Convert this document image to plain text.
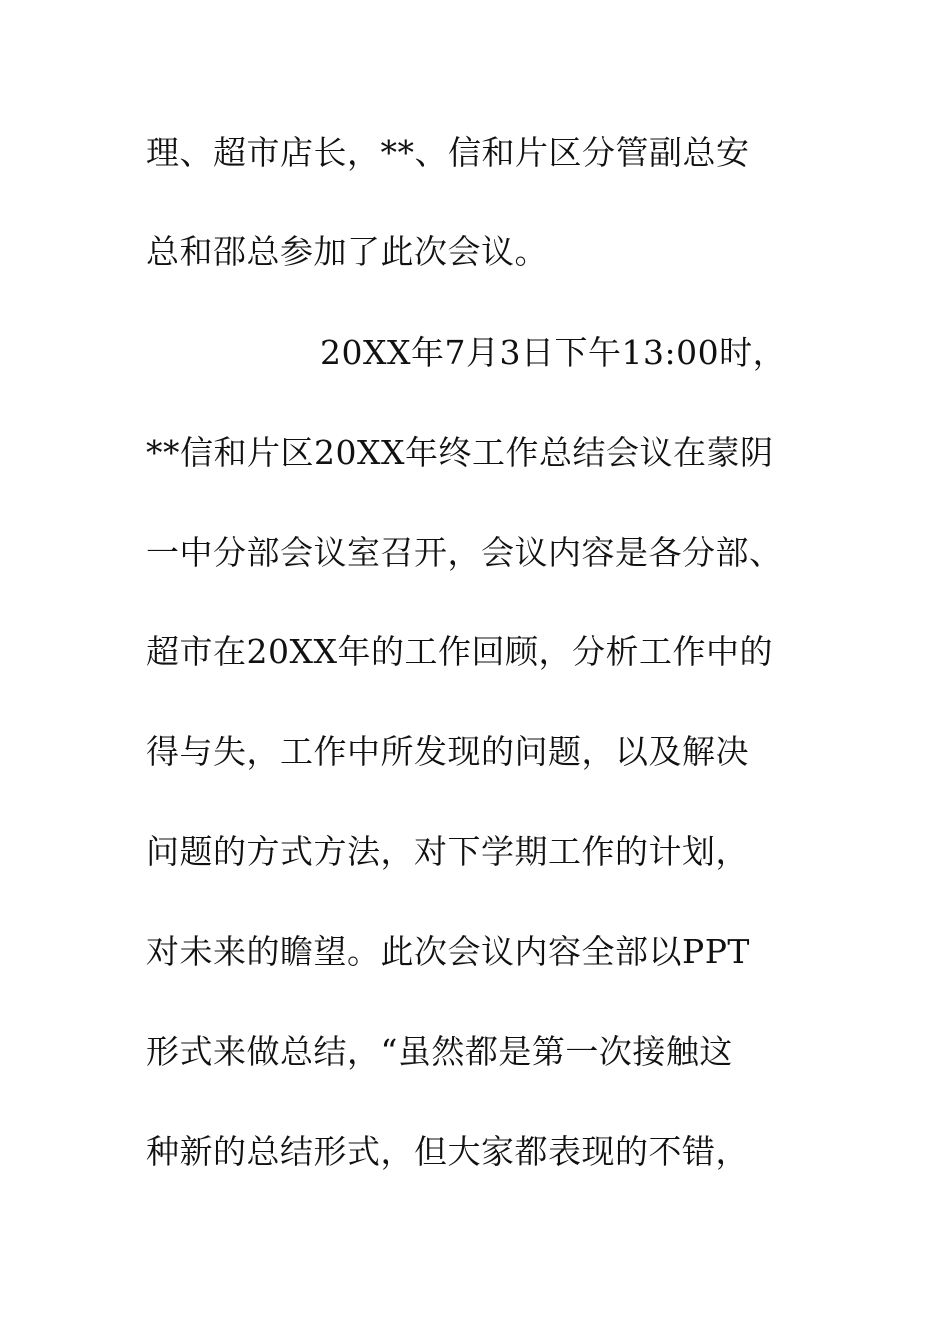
理、超市店长，**、信和片区分管副总安
总和邵总参加了此次会议。
20XX年7月3日下午13:00时，
**信和片区20XX年终工作总结会议在蒙阴
一中分部会议室召开，会议内容是各分部、
超市在20XX年的工作回顾，分析工作中的
得与失，工作中所发现的问题，以及解决
问题的方式方法，对下学期工作的计划，
对未来的瞻望。此次会议内容全部以PPT
形式来做总结，“虽然都是第一次接触这
种新的总结形式，但大家都表现的不错，
